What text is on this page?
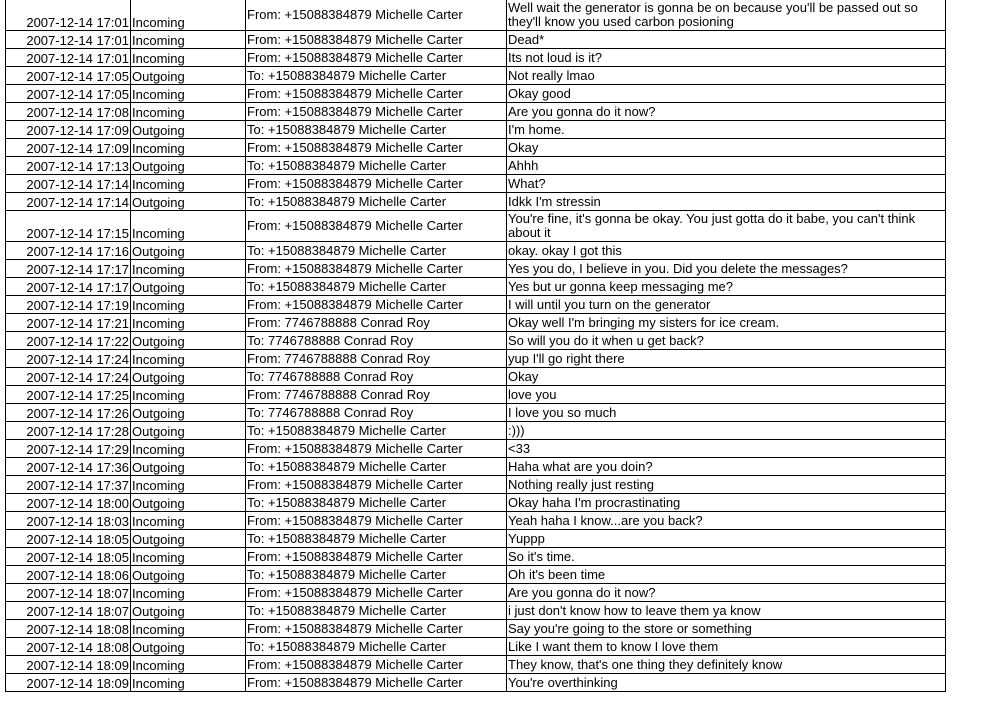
2007-12-14 17:01	Incoming	From: +15088384879 Michelle Carter	Well wait the generator is gonna be on because you'll be passed out so they'll know you used carbon posioning
2007-12-14 17:01	Incoming	From: +15088384879 Michelle Carter	Dead*
2007-12-14 17:01	Incoming	From: +15088384879 Michelle Carter	Its not loud is it?
2007-12-14 17:05	Outgoing	To: +15088384879 Michelle Carter	Not really lmao
2007-12-14 17:05	Incoming	From: +15088384879 Michelle Carter	Okay good
2007-12-14 17:08	Incoming	From: +15088384879 Michelle Carter	Are you gonna do it now?
2007-12-14 17:09	Outgoing	To: +15088384879 Michelle Carter	I'm home.
2007-12-14 17:09	Incoming	From: +15088384879 Michelle Carter	Okay
2007-12-14 17:13	Outgoing	To: +15088384879 Michelle Carter	Ahhh
2007-12-14 17:14	Incoming	From: +15088384879 Michelle Carter	What?
2007-12-14 17:14	Outgoing	To: +15088384879 Michelle Carter	Idkk I'm stressin
2007-12-14 17:15	Incoming	From: +15088384879 Michelle Carter	You're fine, it's gonna be okay. You just gotta do it babe, you can't think about it
2007-12-14 17:16	Outgoing	To: +15088384879 Michelle Carter	okay. okay I got this
2007-12-14 17:17	Incoming	From: +15088384879 Michelle Carter	Yes you do, I believe in you. Did you delete the messages?
2007-12-14 17:17	Outgoing	To: +15088384879 Michelle Carter	Yes but ur gonna keep messaging me?
2007-12-14 17:19	Incoming	From: +15088384879 Michelle Carter	I will until you turn on the generator
2007-12-14 17:21	Incoming	From: 7746788888 Conrad Roy	Okay well I'm bringing my sisters for ice cream.
2007-12-14 17:22	Outgoing	To: 7746788888 Conrad Roy	So will you do it when u get back?
2007-12-14 17:24	Incoming	From: 7746788888 Conrad Roy	yup I'll go right there
2007-12-14 17:24	Outgoing	To: 7746788888 Conrad Roy	Okay
2007-12-14 17:25	Incoming	From: 7746788888 Conrad Roy	love you
2007-12-14 17:26	Outgoing	To: 7746788888 Conrad Roy	I love you so much
2007-12-14 17:28	Outgoing	To: +15088384879 Michelle Carter	:)))
2007-12-14 17:29	Incoming	From: +15088384879 Michelle Carter	<33
2007-12-14 17:36	Outgoing	To: +15088384879 Michelle Carter	Haha what are you doin?
2007-12-14 17:37	Incoming	From: +15088384879 Michelle Carter	Nothing really just resting
2007-12-14 18:00	Outgoing	To: +15088384879 Michelle Carter	Okay haha I'm procrastinating
2007-12-14 18:03	Incoming	From: +15088384879 Michelle Carter	Yeah haha I know...are you back?
2007-12-14 18:05	Outgoing	To: +15088384879 Michelle Carter	Yuppp
2007-12-14 18:05	Incoming	From: +15088384879 Michelle Carter	So it's time.
2007-12-14 18:06	Outgoing	To: +15088384879 Michelle Carter	Oh it's been time
2007-12-14 18:07	Incoming	From: +15088384879 Michelle Carter	Are you gonna do it now?
2007-12-14 18:07	Outgoing	To: +15088384879 Michelle Carter	i just don't know how to leave them ya know
2007-12-14 18:08	Incoming	From: +15088384879 Michelle Carter	Say you're going to the store or something
2007-12-14 18:08	Outgoing	To: +15088384879 Michelle Carter	Like I want them to know I love them
2007-12-14 18:09	Incoming	From: +15088384879 Michelle Carter	They know, that's one thing they definitely know
2007-12-14 18:09	Incoming	From: +15088384879 Michelle Carter	You're overthinking
